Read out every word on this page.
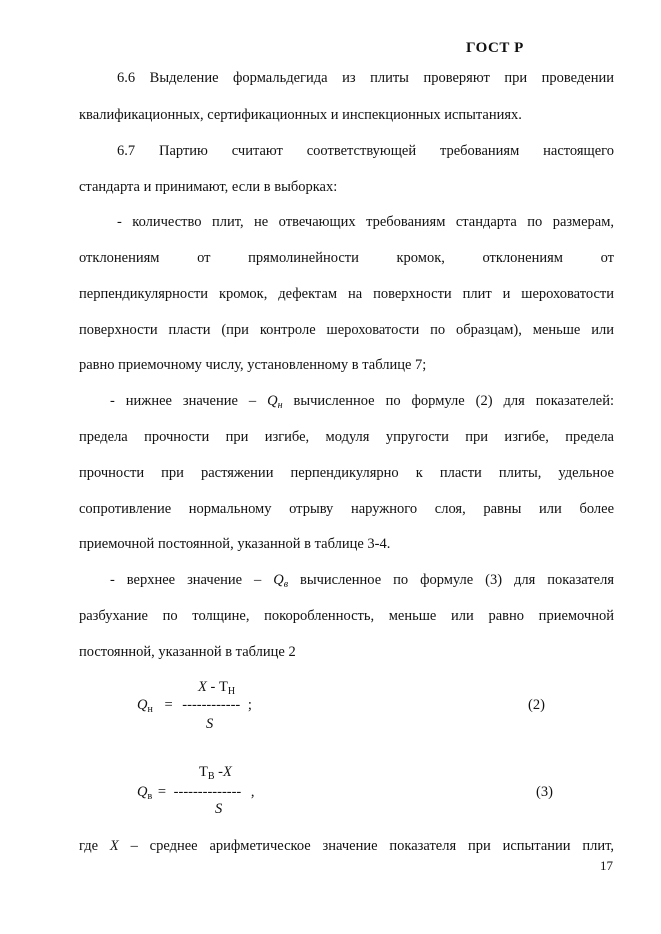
ГОСТ Р
6.6 Выделение формальдегида из плиты проверяют при проведении
квалификационных, сертификационных и инспекционных испытаниях.
6.7 Партию считают соответствующей требованиям настоящего
стандарта и принимают, если в выборках:
- количество плит, не отвечающих требованиям стандарта по размерам,
отклонениям от прямолинейности кромок, отклонениям от
перпендикулярности кромок, дефектам на поверхности плит и шероховатости
поверхности пласти (при контроле шероховатости по образцам), меньше или
равно приемочному числу, установленному в таблице 7;
- нижнее значение – $Q_н$ вычисленное по формуле (2) для показателей:
предела прочности при изгибе, модуля упругости при изгибе, предела
прочности при растяжении перпендикулярно к пласти плиты, удельное
сопротивление нормальному отрыву наружного слоя, равны или более
приемочной постоянной, указанной в таблице 3-4.
- верхнее значение – $Q_в$ вычисленное по формуле (3) для показателя
разбухание по толщине, покоробленность, меньше или равно приемочной
постоянной, указанной в таблице 2
X - $Т_Н$
$Q_н$ = ------------ ;
S
(2)
$Т_В$ -X
$Q_в$ = -------------- ,
S
(3)
где X – среднее арифметическое значение показателя при испытании плит,
17
